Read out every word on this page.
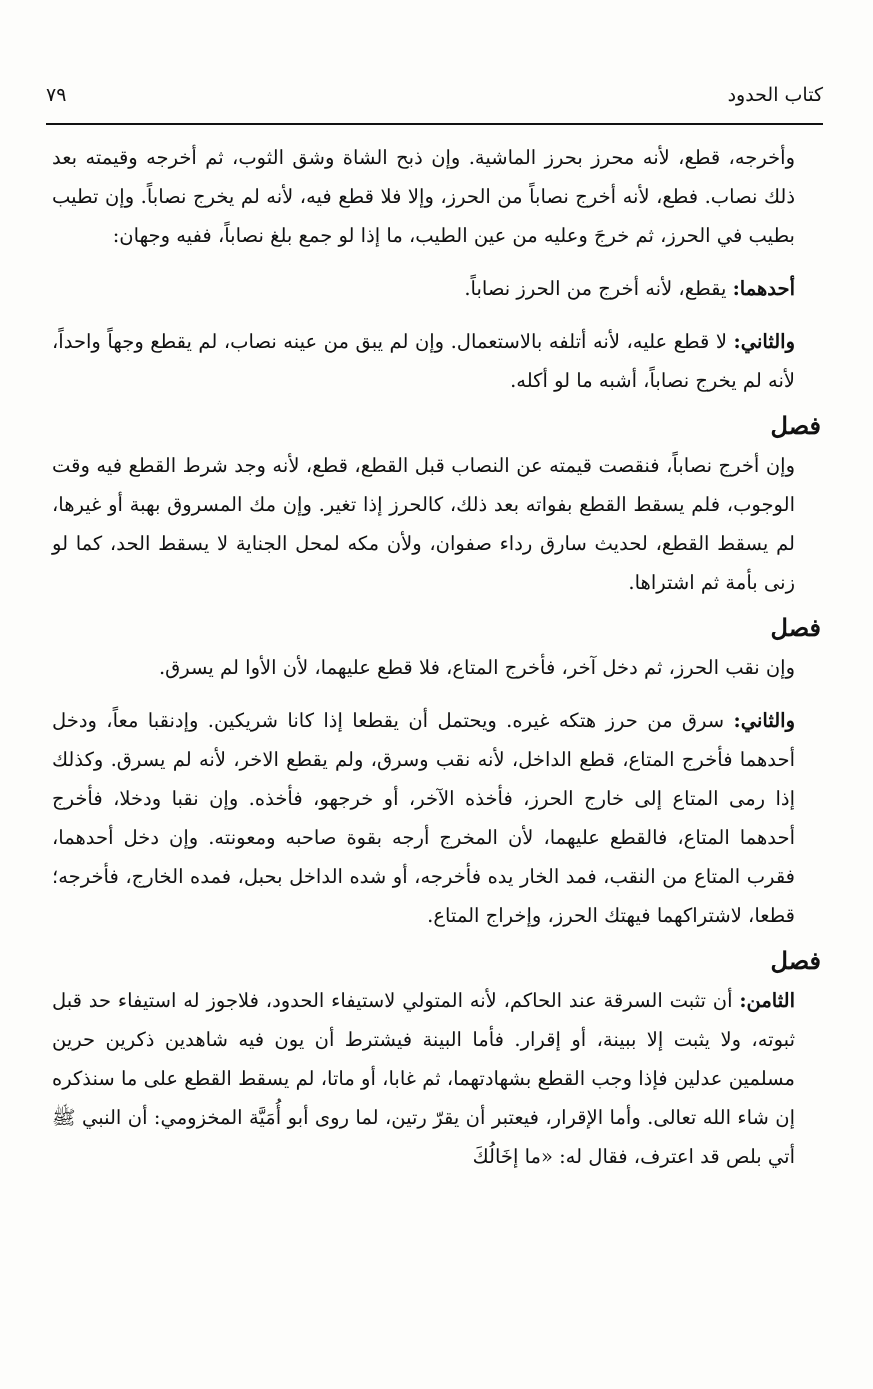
كتاب الحدود
٧٩

وأخرجه، قطع، لأنه محرز بحرز الماشية. وإن ذبح الشاة وشق الثوب، ثم أخرجه وقيمته بعد ذلك نصاب. فطع، لأنه أخرج نصاباً من الحرز، وإلا فلا قطع فيه، لأنه لم يخرج نصاباً. وإن تطيب بطيب في الحرز، ثم خرجَ وعليه من عين الطيب، ما إذا لو جمع بلغ نصاباً، ففيه وجهان:

أحدهما: يقطع، لأنه أخرج من الحرز نصاباً.

والثاني: لا قطع عليه، لأنه أتلفه بالاستعمال. وإن لم يبق من عينه نصاب، لم يقطع وجهاً واحداً، لأنه لم يخرج نصاباً، أشبه ما لو أكله.

فصل

وإن أخرج نصاباً، فنقصت قيمته عن النصاب قبل القطع، قطع، لأنه وجد شرط القطع فيه وقت الوجوب، فلم يسقط القطع بفواته بعد ذلك، كالحرز إذا تغير. وإن مك المسروق بهبة أو غيرها، لم يسقط القطع، لحديث سارق رداء صفوان، ولأن مكه لمحل الجناية لا يسقط الحد، كما لو زنى بأمة ثم اشتراها.

فصل

وإن نقب الحرز، ثم دخل آخر، فأخرج المتاع، فلا قطع عليهما، لأن الأوا لم يسرق.

والثاني: سرق من حرز هتكه غيره. ويحتمل أن يقطعا إذا كانا شريكين. وإدنقبا معاً، ودخل أحدهما فأخرج المتاع، قطع الداخل، لأنه نقب وسرق، ولم يقطع الاخر، لأنه لم يسرق. وكذلك إذا رمى المتاع إلى خارج الحرز، فأخذه الآخر، أو خرجهو، فأخذه. وإن نقبا ودخلا، فأخرج أحدهما المتاع، فالقطع عليهما، لأن المخرج أرجه بقوة صاحبه ومعونته. وإن دخل أحدهما، فقرب المتاع من النقب، فمد الخار يده فأخرجه، أو شده الداخل بحبل، فمده الخارج، فأخرجه؛ قطعا، لاشتراكهما فيهتك الحرز، وإخراج المتاع.

فصل

الثامن: أن تثبت السرقة عند الحاكم، لأنه المتولي لاستيفاء الحدود، فلاجوز له استيفاء حد قبل ثبوته، ولا يثبت إلا ببينة، أو إقرار. فأما البينة فيشترط أن يون فيه شاهدين ذكرين حرين مسلمين عدلين فإذا وجب القطع بشهادتهما، ثم غابا، أو ماتا، لم يسقط القطع على ما سنذكره إن شاء الله تعالى. وأما الإقرار، فيعتبر أن يقرّ رتين، لما روى أبو أُمَيَّة المخزومي: أن النبي ﷺ أتي بلص قد اعترف، فقال له: «ما إخَالُكَ
